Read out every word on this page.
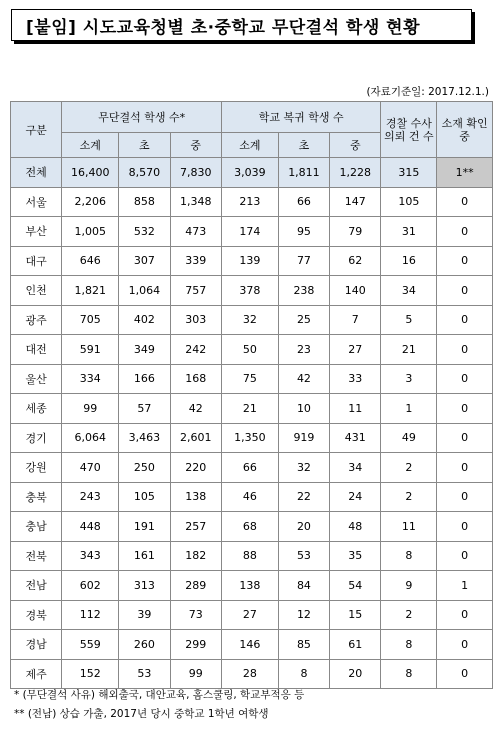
[붙임] 시도교육청별 초·중학교 무단결석 학생 현황
(자료기준일: 2017.12.1.)
구분	무단결석 학생 수*			학교 복귀 학생 수			경찰 수사의뢰 건 수	소재 확인 중
	소계	초	중	소계	초	중		
전체	16,400	8,570	7,830	3,039	1,811	1,228	315	1**
서울	2,206	858	1,348	213	66	147	105	0
부산	1,005	532	473	174	95	79	31	0
대구	646	307	339	139	77	62	16	0
인천	1,821	1,064	757	378	238	140	34	0
광주	705	402	303	32	25	7	5	0
대전	591	349	242	50	23	27	21	0
울산	334	166	168	75	42	33	3	0
세종	99	57	42	21	10	11	1	0
경기	6,064	3,463	2,601	1,350	919	431	49	0
강원	470	250	220	66	32	34	2	0
충북	243	105	138	46	22	24	2	0
충남	448	191	257	68	20	48	11	0
전북	343	161	182	88	53	35	8	0
전남	602	313	289	138	84	54	9	1
경북	112	39	73	27	12	15	2	0
경남	559	260	299	146	85	61	8	0
제주	152	53	99	28	8	20	8	0
* (무단결석 사유) 해외출국, 대안교육, 홈스쿨링, 학교부적응 등
** (전남) 상습 가출, 2017년 당시 중학교 1학년 여학생
